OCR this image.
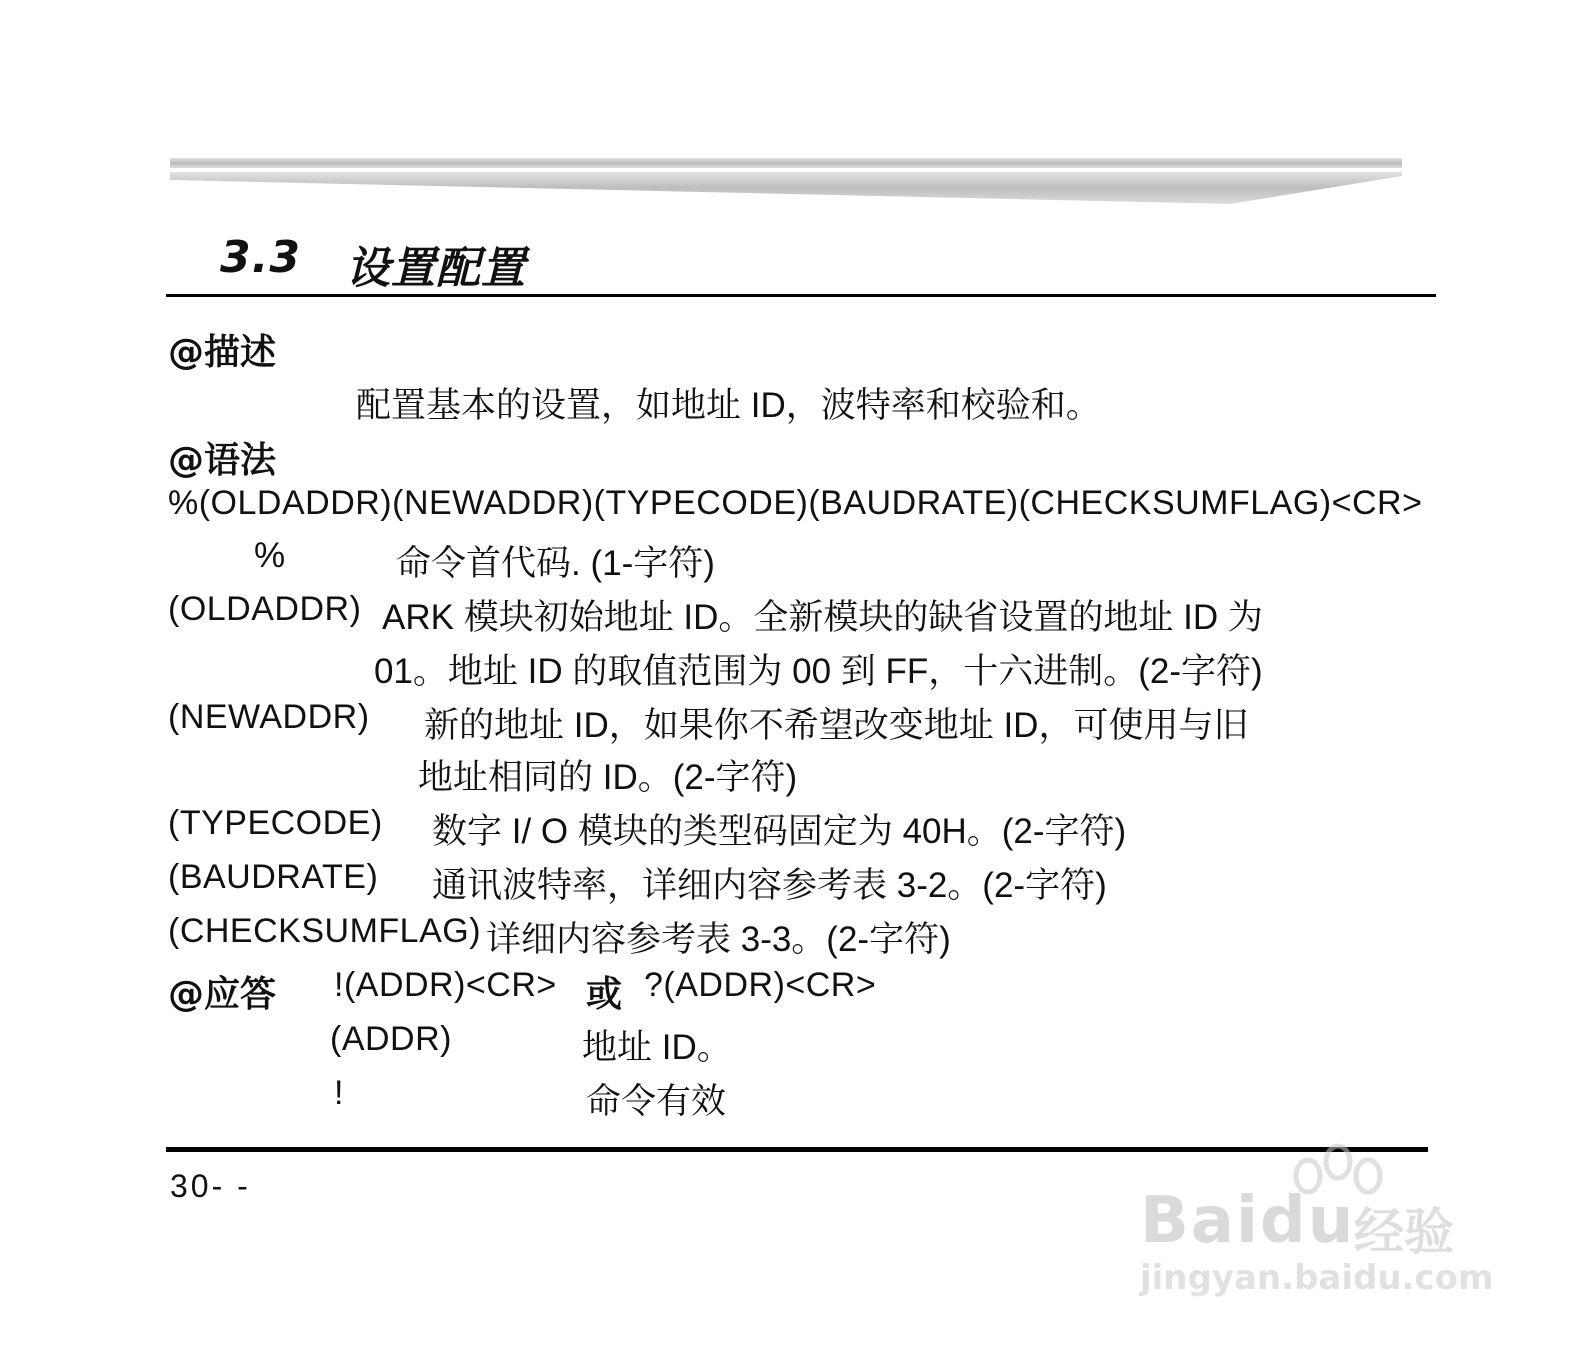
3.3 设置配置
@描述
配置基本的设置，如地址 ID，波特率和校验和。
@语法
%(OLDADDR)(NEWADDR)(TYPECODE)(BAUDRATE)(CHECKSUMFLAG)<CR>
%	命令首代码. (1-字符)
(OLDADDR) ARK 模块初始地址 ID。全新模块的缺省设置的地址 ID 为
01。地址 ID 的取值范围为 00 到 FF，十六进制。(2-字符)
(NEWADDR) 新的地址 ID，如果你不希望改变地址 ID，可使用与旧
地址相同的 ID。(2-字符)
(TYPECODE) 数字 I/ O 模块的类型码固定为 40H。(2-字符)
(BAUDRATE) 通讯波特率，详细内容参考表 3-2。(2-字符)
(CHECKSUMFLAG) 详细内容参考表 3-3。(2-字符)
@应答 !(ADDR)<CR> 或 ?(ADDR)<CR>
(ADDR)	地址 ID。
!	命令有效
30- -	Baidu
经验
jingyan.baidu.com
